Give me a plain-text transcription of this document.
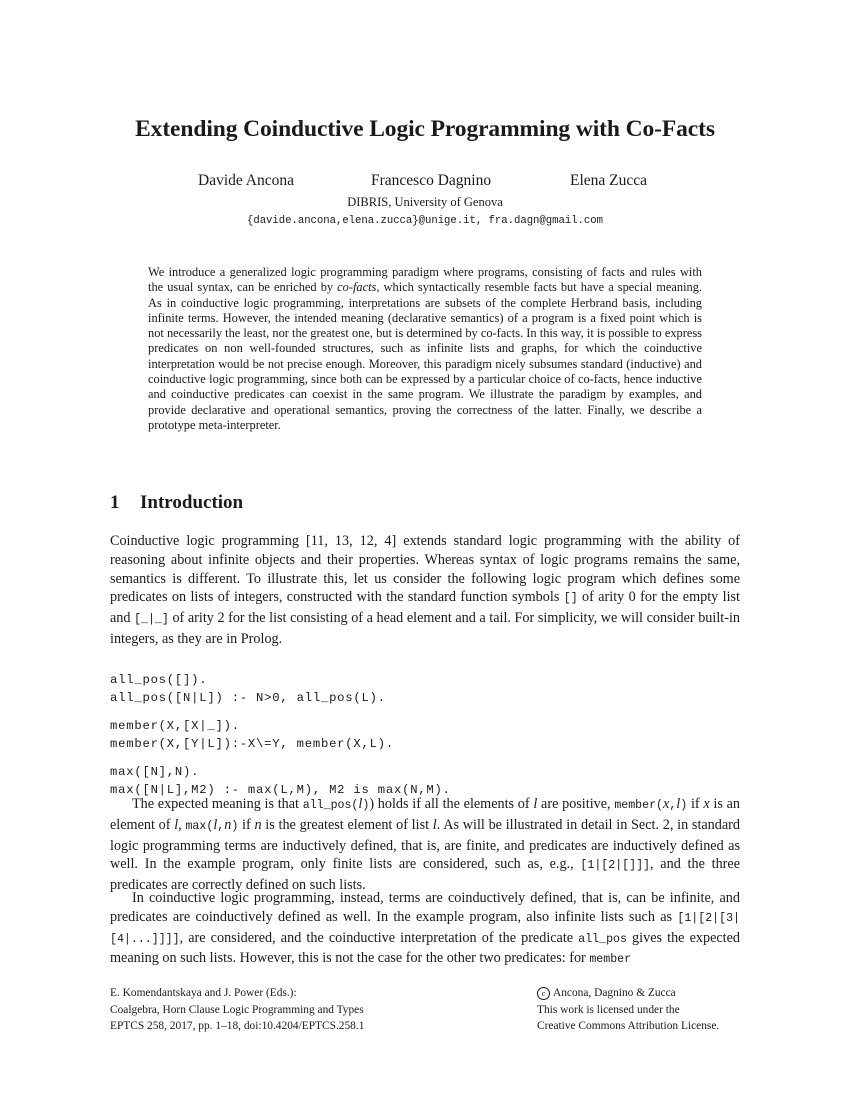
Extending Coinductive Logic Programming with Co-Facts
Davide Ancona	Francesco Dagnino	Elena Zucca
DIBRIS, University of Genova
{davide.ancona,elena.zucca}@unige.it, fra.dagn@gmail.com

We introduce a generalized logic programming paradigm where programs, consisting of facts and rules with the usual syntax, can be enriched by co-facts, which syntactically resemble facts but have a special meaning. As in coinductive logic programming, interpretations are subsets of the complete Herbrand basis, including infinite terms. However, the intended meaning (declarative semantics) of a program is a fixed point which is not necessarily the least, nor the greatest one, but is determined by co-facts. In this way, it is possible to express predicates on non well-founded structures, such as infinite lists and graphs, for which the coinductive interpretation would be not precise enough. Moreover, this paradigm nicely subsumes standard (inductive) and coinductive logic programming, since both can be expressed by a particular choice of co-facts, hence inductive and coinductive predicates can coexist in the same program. We illustrate the paradigm by examples, and provide declarative and operational semantics, proving the correctness of the latter. Finally, we describe a prototype meta-interpreter.

1 Introduction

Coinductive logic programming [11, 13, 12, 4] extends standard logic programming with the ability of reasoning about infinite objects and their properties. Whereas syntax of logic programs remains the same, semantics is different. To illustrate this, let us consider the following logic program which defines some predicates on lists of integers, constructed with the standard function symbols [] of arity 0 for the empty list and [_|_] of arity 2 for the list consisting of a head element and a tail. For simplicity, we will consider built-in integers, as they are in Prolog.

all_pos([]).
all_pos([N|L]) :- N>0, all_pos(L).
member(X,[X|_]).
member(X,[Y|L]):-X\=Y, member(X,L).
max([N],N).
max([N|L],M2) :- max(L,M), M2 is max(N,M).

The expected meaning is that all_pos(l)) holds if all the elements of l are positive, member(x,l) if x is an element of l, max(l,n) if n is the greatest element of list l. As will be illustrated in detail in Sect. 2, in standard logic programming terms are inductively defined, that is, are finite, and predicates are inductively defined as well. In the example program, only finite lists are considered, such as, e.g., [1|[2|[]]], and the three predicates are correctly defined on such lists.

In coinductive logic programming, instead, terms are coinductively defined, that is, can be infinite, and predicates are coinductively defined as well. In the example program, also infinite lists such as [1|[2|[3|[4|...]]]], are considered, and the coinductive interpretation of the predicate all_pos gives the expected meaning on such lists. However, this is not the case for the other two predicates: for member

E. Komendantskaya and J. Power (Eds.):
Coalgebra, Horn Clause Logic Programming and Types
EPTCS 258, 2017, pp. 1–18, doi:10.4204/EPTCS.258.1
c Ancona, Dagnino & Zucca
This work is licensed under the
Creative Commons Attribution License.
